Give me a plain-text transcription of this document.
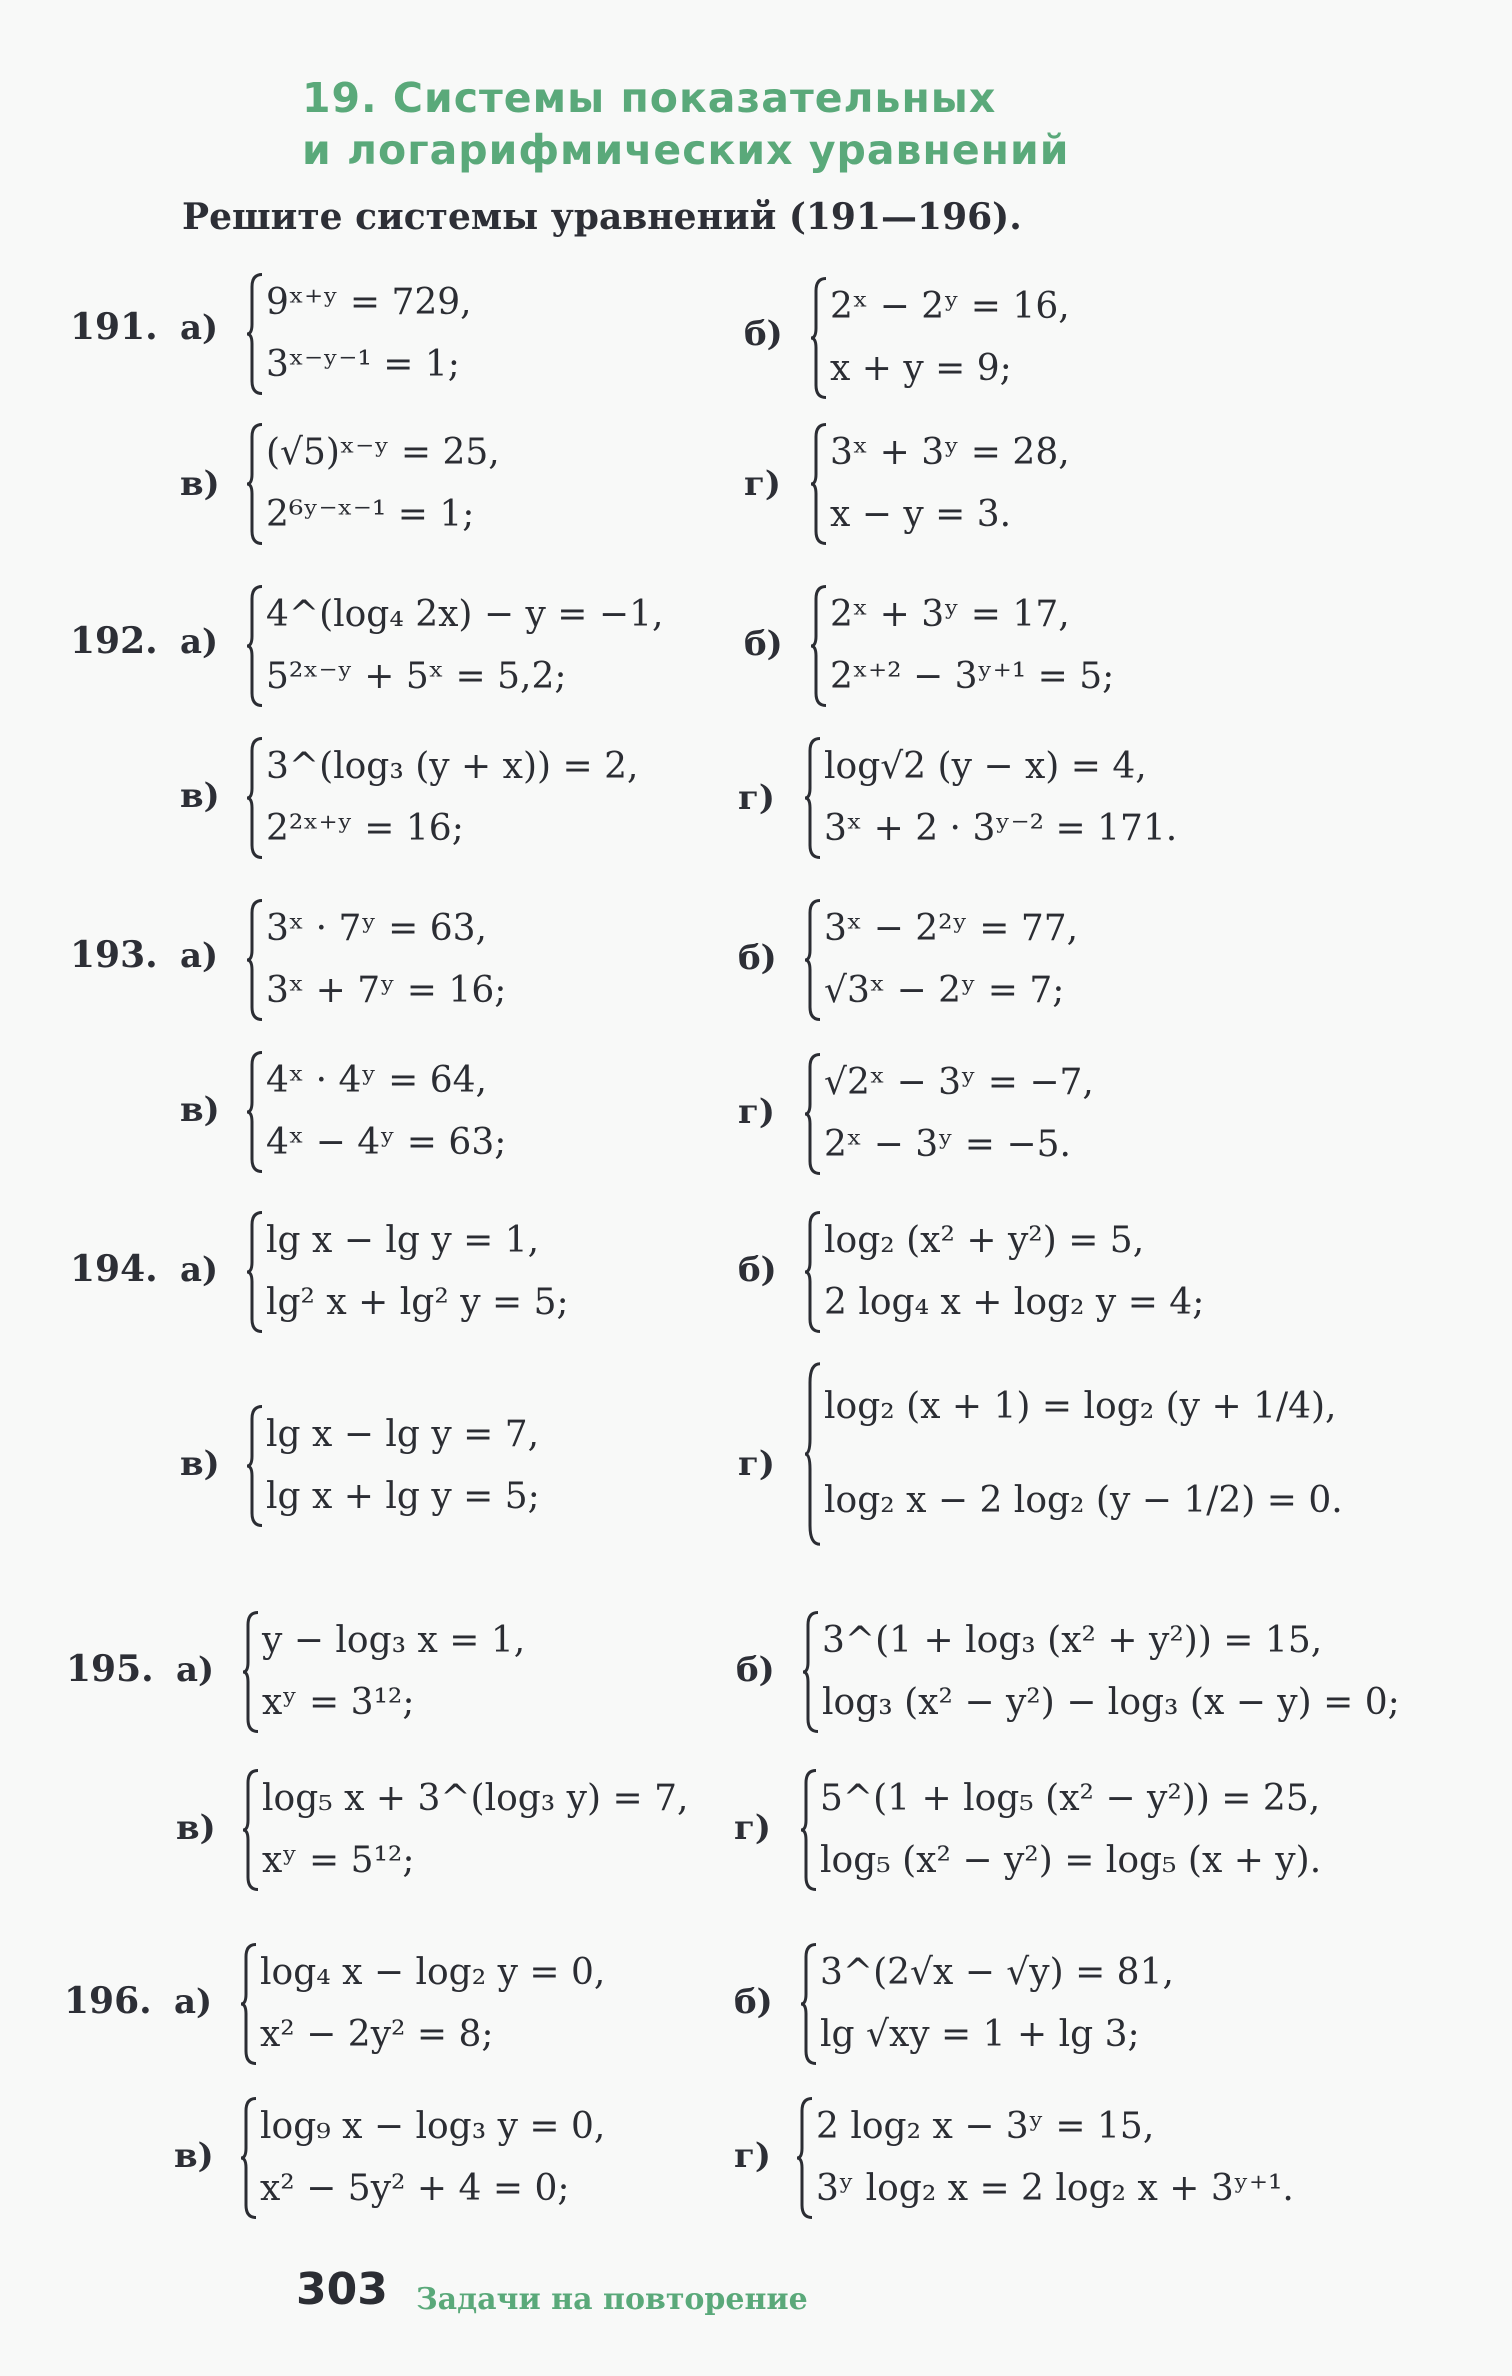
19. Системы показательных
и логарифмических уравнений
Решите системы уравнений (191—196).
191. а)
9ˣ⁺ʸ = 729,
3ˣ⁻ʸ⁻¹ = 1;
б)
2ˣ − 2ʸ = 16,
x + y = 9;
в)
(√5)ˣ⁻ʸ = 25,
2⁶ʸ⁻ˣ⁻¹ = 1;
г)
3ˣ + 3ʸ = 28,
x − y = 3.
192. а)
4^(log₄ 2x) − y = −1,
5²ˣ⁻ʸ + 5ˣ = 5,2;
б)
2ˣ + 3ʸ = 17,
2ˣ⁺² − 3ʸ⁺¹ = 5;
в)
3^(log₃ (y + x)) = 2,
2²ˣ⁺ʸ = 16;
г)
log√2 (y − x) = 4,
3ˣ + 2 · 3ʸ⁻² = 171.
193. а)
3ˣ · 7ʸ = 63,
3ˣ + 7ʸ = 16;
б)
3ˣ − 2²ʸ = 77,
√3ˣ − 2ʸ = 7;
в)
4ˣ · 4ʸ = 64,
4ˣ − 4ʸ = 63;
г)
√2ˣ − 3ʸ = −7,
2ˣ − 3ʸ = −5.
194. а)
lg x − lg y = 1,
lg² x + lg² y = 5;
б)
log₂ (x² + y²) = 5,
2 log₄ x + log₂ y = 4;
в)
lg x − lg y = 7,
lg x + lg y = 5;
г)
log₂ (x + 1) = log₂ (y + 1/4),
log₂ x − 2 log₂ (y − 1/2) = 0.
195. а)
y − log₃ x = 1,
xʸ = 3¹²;
б)
3^(1 + log₃ (x² + y²)) = 15,
log₃ (x² − y²) − log₃ (x − y) = 0;
в)
log₅ x + 3^(log₃ y) = 7,
xʸ = 5¹²;
г)
5^(1 + log₅ (x² − y²)) = 25,
log₅ (x² − y²) = log₅ (x + y).
196. а)
log₄ x − log₂ y = 0,
x² − 2y² = 8;
б)
3^(2√x − √y) = 81,
lg √xy = 1 + lg 3;
в)
log₉ x − log₃ y = 0,
x² − 5y² + 4 = 0;
г)
2 log₂ x − 3ʸ = 15,
3ʸ log₂ x = 2 log₂ x + 3ʸ⁺¹.
303 Задачи на повторение
